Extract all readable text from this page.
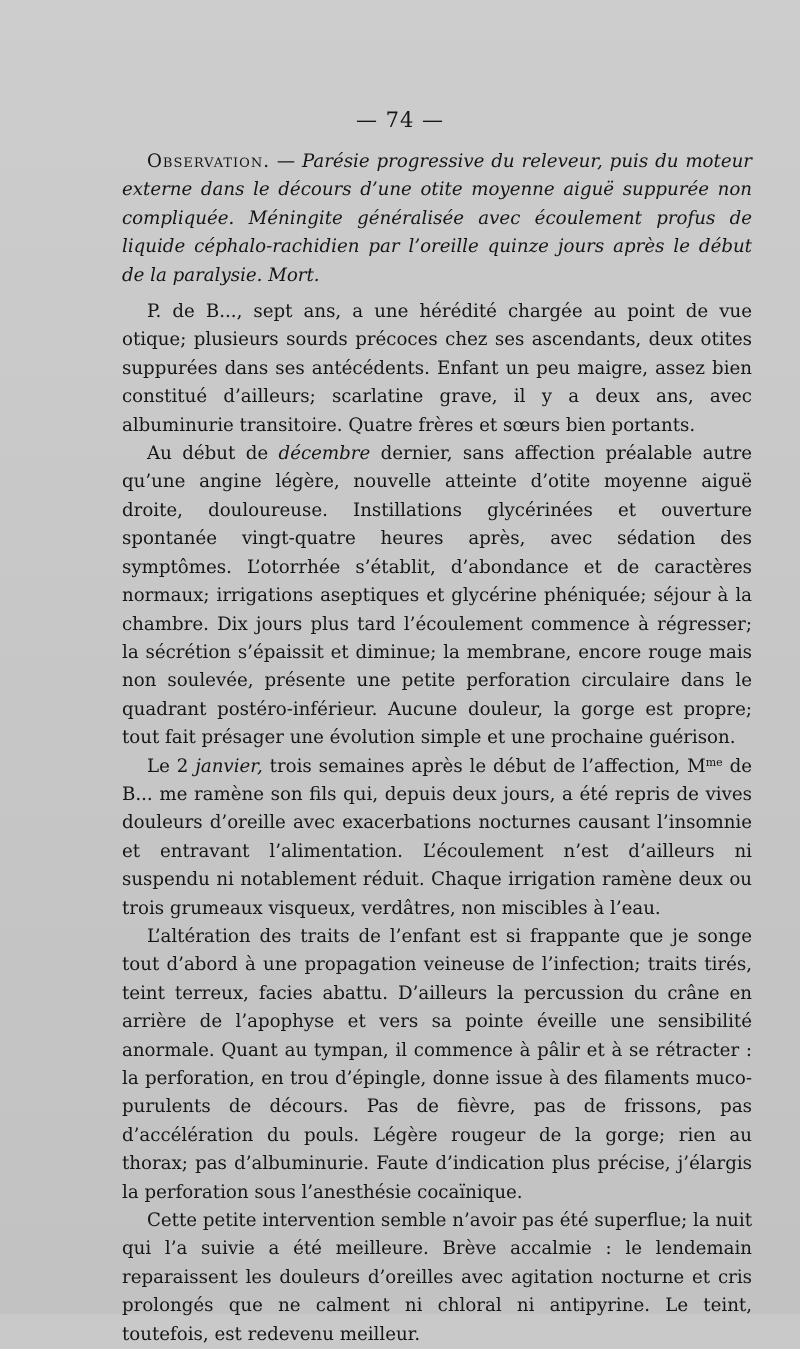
— 74 —

Observation. — Parésie progressive du releveur, puis du moteur externe dans le décours d’une otite moyenne aiguë suppurée non compliquée. Méningite généralisée avec écoulement profus de liquide céphalo-rachidien par l’oreille quinze jours après le début de la paralysie. Mort.

P. de B..., sept ans, a une hérédité chargée au point de vue otique; plusieurs sourds précoces chez ses ascendants, deux otites suppurées dans ses antécédents. Enfant un peu maigre, assez bien constitué d’ailleurs; scarlatine grave, il y a deux ans, avec albuminurie transitoire. Quatre frères et sœurs bien portants.

Au début de décembre dernier, sans affection préalable autre qu’une angine légère, nouvelle atteinte d’otite moyenne aiguë droite, douloureuse. Instillations glycérinées et ouverture spontanée vingt-quatre heures après, avec sédation des symptômes. L’otorrhée s’établit, d’abondance et de caractères normaux; irrigations aseptiques et glycérine phéniquée; séjour à la chambre. Dix jours plus tard l’écoulement commence à régresser; la sécrétion s’épaissit et diminue; la membrane, encore rouge mais non soulevée, présente une petite perforation circulaire dans le quadrant postéro-inférieur. Aucune douleur, la gorge est propre; tout fait présager une évolution simple et une prochaine guérison.

Le 2 janvier, trois semaines après le début de l’affection, $M^{me}$ de B... me ramène son fils qui, depuis deux jours, a été repris de vives douleurs d’oreille avec exacerbations nocturnes causant l’insomnie et entravant l’alimentation. L’écoulement n’est d’ailleurs ni suspendu ni notablement réduit. Chaque irrigation ramène deux ou trois grumeaux visqueux, verdâtres, non miscibles à l’eau.

L’altération des traits de l’enfant est si frappante que je songe tout d’abord à une propagation veineuse de l’infection; traits tirés, teint terreux, facies abattu. D’ailleurs la percussion du crâne en arrière de l’apophyse et vers sa pointe éveille une sensibilité anormale. Quant au tympan, il commence à pâlir et à se rétracter : la perforation, en trou d’épingle, donne issue à des filaments muco-purulents de décours. Pas de fièvre, pas de frissons, pas d’accélération du pouls. Légère rougeur de la gorge; rien au thorax; pas d’albuminurie. Faute d’indication plus précise, j’élargis la perforation sous l’anesthésie cocaïnique.

Cette petite intervention semble n’avoir pas été superflue; la nuit qui l’a suivie a été meilleure. Brève accalmie : le lendemain reparaissent les douleurs d’oreilles avec agitation nocturne et cris prolongés que ne calment ni chloral ni antipyrine. Le teint, toutefois, est redevenu meilleur.
